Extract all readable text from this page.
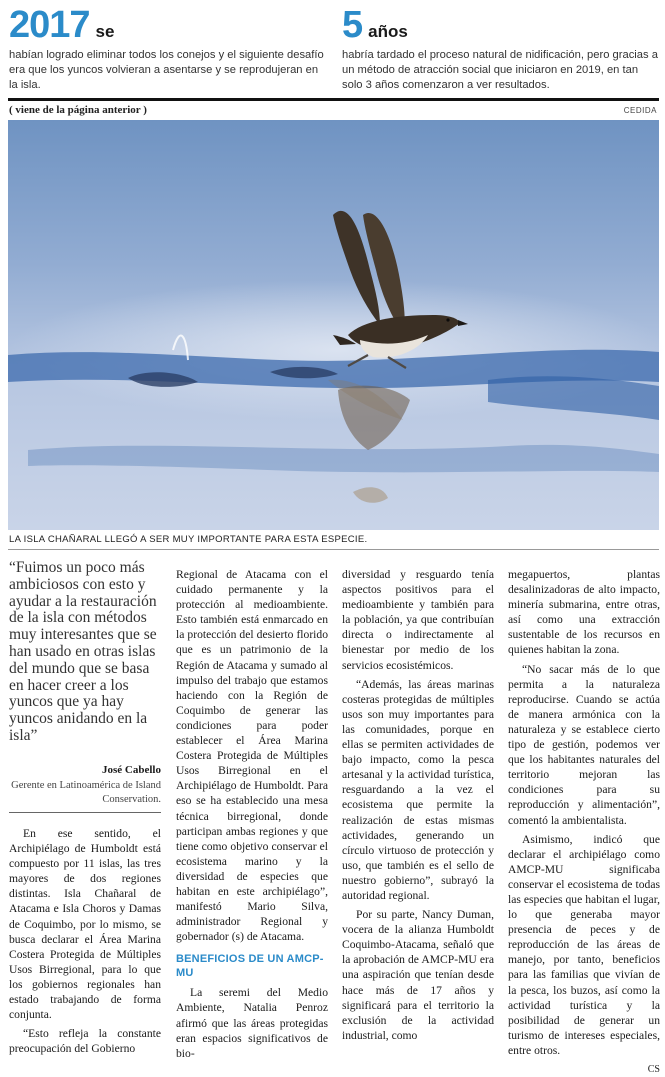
2017 se
habían logrado eliminar todos los conejos y el siguiente desafío era que los yuncos volvieran a asentarse y se reprodujeran en la isla.
5 años
habría tardado el proceso natural de nidificación, pero gracias a un método de atracción social que iniciaron en 2019, en tan solo 3 años comenzaron a ver resultados.
( viene de la página anterior )	CEDIDA
LA ISLA CHAÑARAL LLEGÓ A SER MUY IMPORTANTE PARA ESTA ESPECIE.
“Fuimos un poco más ambiciosos con esto y ayudar a la restauración de la isla con métodos muy interesantes que se han usado en otras islas del mundo que se basa en hacer creer a los yuncos que ya hay yuncos anidando en la isla”
José Cabello
Gerente en Latinoamérica de Island Conservation.

En ese sentido, el Archipiélago de Humboldt está compuesto por 11 islas, las tres mayores de dos regiones distintas. Isla Chañaral de Atacama e Isla Choros y Damas de Coquimbo, por lo mismo, se busca declarar el Área Marina Costera Protegida de Múltiples Usos Birregional, para lo que los gobiernos regionales han estado trabajando de forma conjunta.

“Esto refleja la constante preocupación del Gobierno

Regional de Atacama con el cuidado permanente y la protección al medioambiente. Esto también está enmarcado en la protección del desierto florido que es un patrimonio de la Región de Atacama y sumado al impulso del trabajo que estamos haciendo con la Región de Coquimbo de generar las condiciones para poder establecer el Área Marina Costera Protegida de Múltiples Usos Birregional en el Archipiélago de Humboldt. Para eso se ha establecido una mesa técnica birregional, donde participan ambas regiones y que tiene como objetivo conservar el ecosistema marino y la diversidad de especies que habitan en este archipiélago”, manifestó Mario Silva, administrador Regional y gobernador (s) de Atacama.

BENEFICIOS DE UN AMCP-MU

La seremi del Medio Ambiente, Natalia Penroz afirmó que las áreas protegidas eran espacios significativos de bio-

diversidad y resguardo tenía aspectos positivos para el medioambiente y también para la población, ya que contribuían directa o indirectamente al bienestar por medio de los servicios ecosistémicos.

“Además, las áreas marinas costeras protegidas de múltiples usos son muy importantes para las comunidades, porque en ellas se permiten actividades de bajo impacto, como la pesca artesanal y la actividad turística, resguardando a la vez el ecosistema que permite la realización de estas mismas actividades, generando un círculo virtuoso de protección y uso, que también es el sello de nuestro gobierno”, subrayó la autoridad regional.

Por su parte, Nancy Duman, vocera de la alianza Humboldt Coquimbo-Atacama, señaló que la aprobación de AMCP-MU era una aspiración que tenían desde hace más de 17 años y significará para el territorio la exclusión de la actividad industrial, como

megapuertos, plantas desalinizadoras de alto impacto, minería submarina, entre otras, así como una extracción sustentable de los recursos en quienes habitan la zona.

“No sacar más de lo que permita a la naturaleza reproducirse. Cuando se actúa de manera armónica con la naturaleza y se establece cierto tipo de gestión, podemos ver que los habitantes naturales del territorio mejoran las condiciones para su reproducción y alimentación”, comentó la ambientalista.

Asimismo, indicó que declarar el archipiélago como AMCP-MU significaba conservar el ecosistema de todas las especies que habitan el lugar, lo que generaba mayor presencia de peces y de reproducción de las áreas de manejo, por tanto, beneficios para las familias que vivían de la pesca, los buzos, así como la actividad turística y la posibilidad de generar un turismo de intereses especiales, entre otros.

CS
